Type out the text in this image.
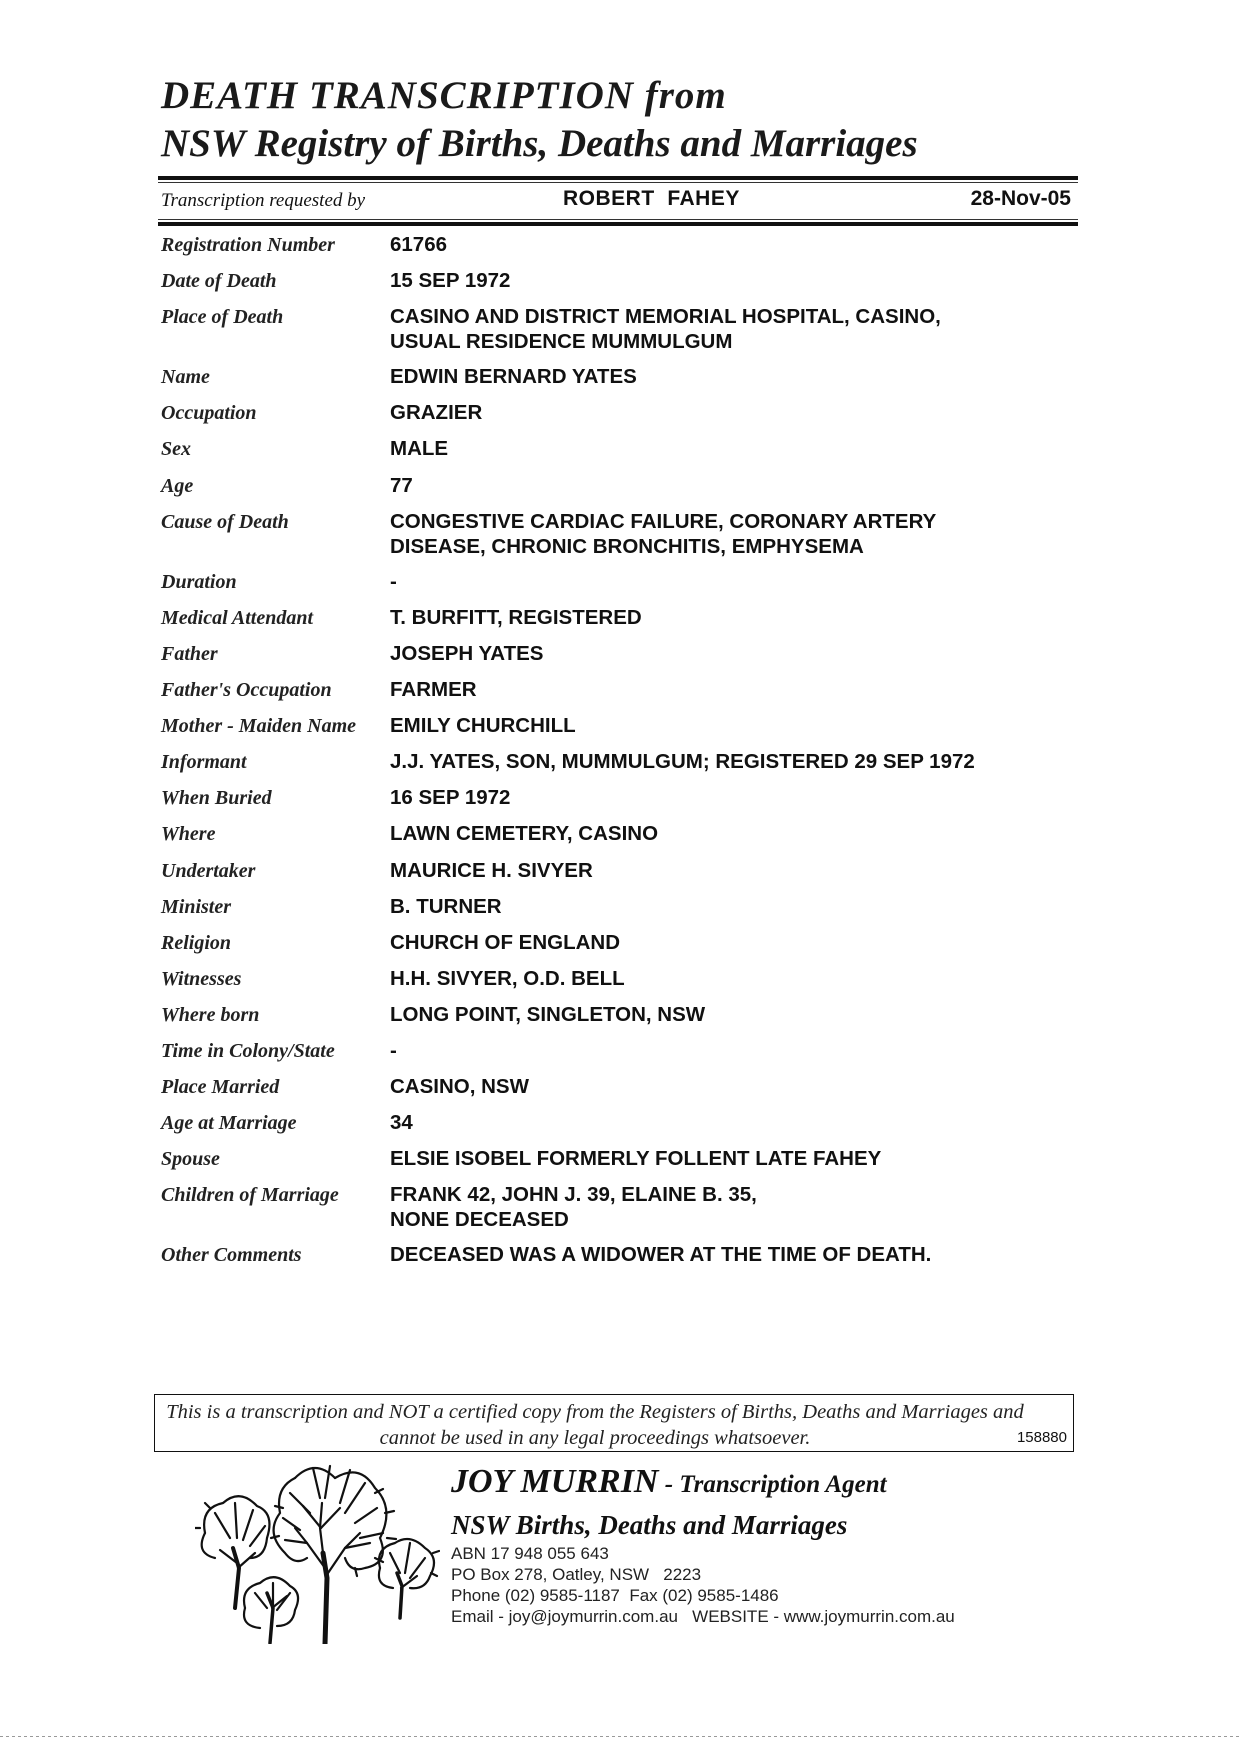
DEATH TRANSCRIPTION from
NSW Registry of Births, Deaths and Marriages
Transcription requested by	ROBERT  FAHEY	28-Nov-05
Registration Number	61766
Date of Death	15 SEP 1972
Place of Death	CASINO AND DISTRICT MEMORIAL HOSPITAL, CASINO, USUAL RESIDENCE MUMMULGUM
Name	EDWIN BERNARD YATES
Occupation	GRAZIER
Sex	MALE
Age	77
Cause of Death	CONGESTIVE CARDIAC FAILURE, CORONARY ARTERY DISEASE, CHRONIC BRONCHITIS, EMPHYSEMA
Duration	-
Medical Attendant	T. BURFITT, REGISTERED
Father	JOSEPH YATES
Father's Occupation	FARMER
Mother - Maiden Name	EMILY CHURCHILL
Informant	J.J. YATES, SON, MUMMULGUM; REGISTERED 29 SEP 1972
When Buried	16 SEP 1972
Where	LAWN CEMETERY, CASINO
Undertaker	MAURICE H. SIVYER
Minister	B. TURNER
Religion	CHURCH OF ENGLAND
Witnesses	H.H. SIVYER, O.D. BELL
Where born	LONG POINT, SINGLETON, NSW
Time in Colony/State	-
Place Married	CASINO, NSW
Age at Marriage	34
Spouse	ELSIE ISOBEL FORMERLY FOLLENT LATE FAHEY
Children of Marriage	FRANK 42, JOHN J. 39, ELAINE B. 35,
NONE DECEASED
Other Comments	DECEASED WAS A WIDOWER AT THE TIME OF DEATH.
This is a transcription and NOT a certified copy from the Registers of Births, Deaths and Marriages and cannot be used in any legal proceedings whatsoever.	158880
JOY MURRIN - Transcription Agent
NSW Births, Deaths and Marriages
ABN 17 948 055 643
PO Box 278, Oatley, NSW   2223
Phone (02) 9585-1187  Fax (02) 9585-1486
Email - joy@joymurrin.com.au   WEBSITE - www.joymurrin.com.au
